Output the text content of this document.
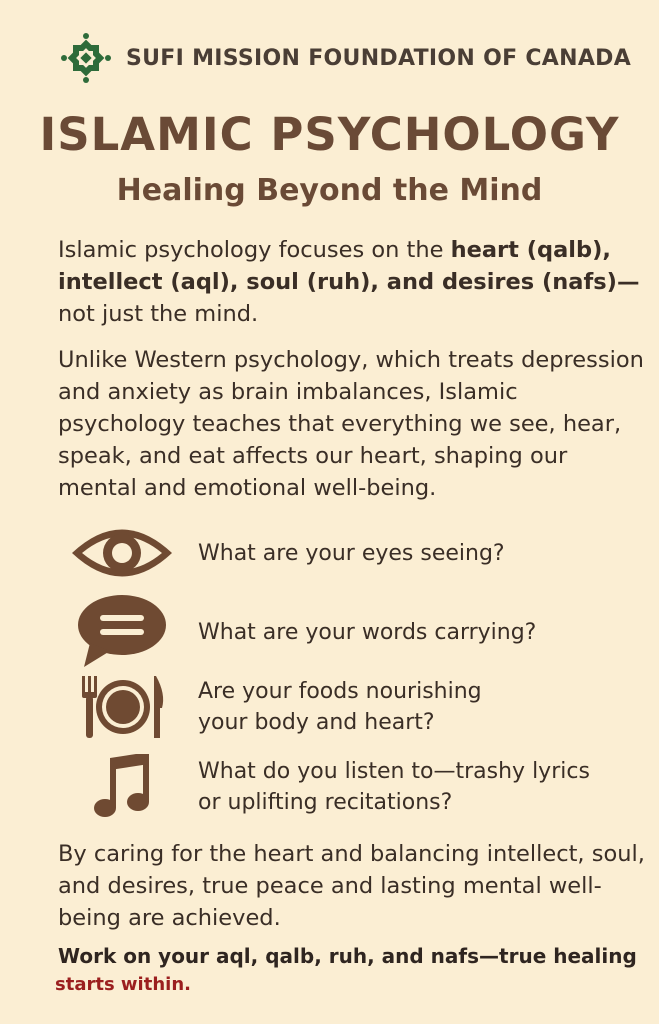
SUFI MISSION FOUNDATION OF CANADA
ISLAMIC PSYCHOLOGY
Healing Beyond the Mind
Islamic psychology focuses on the heart (qalb),
intellect (aql), soul (ruh), and desires (nafs)—
not just the mind.
Unlike Western psychology, which treats depression and anxiety as brain imbalances, Islamic psychology teaches that everything we see, hear, speak, and eat affects our heart, shaping our mental and emotional well-being.
What are your eyes seeing?
What are your words carrying?
Are your foods nourishing
your body and heart?
What do you listen to—trashy lyrics
or uplifting recitations?
By caring for the heart and balancing intellect, soul, and desires, true peace and lasting mental well-being are achieved.
Work on your aql, qalb, ruh, and nafs—true healing
starts within.
